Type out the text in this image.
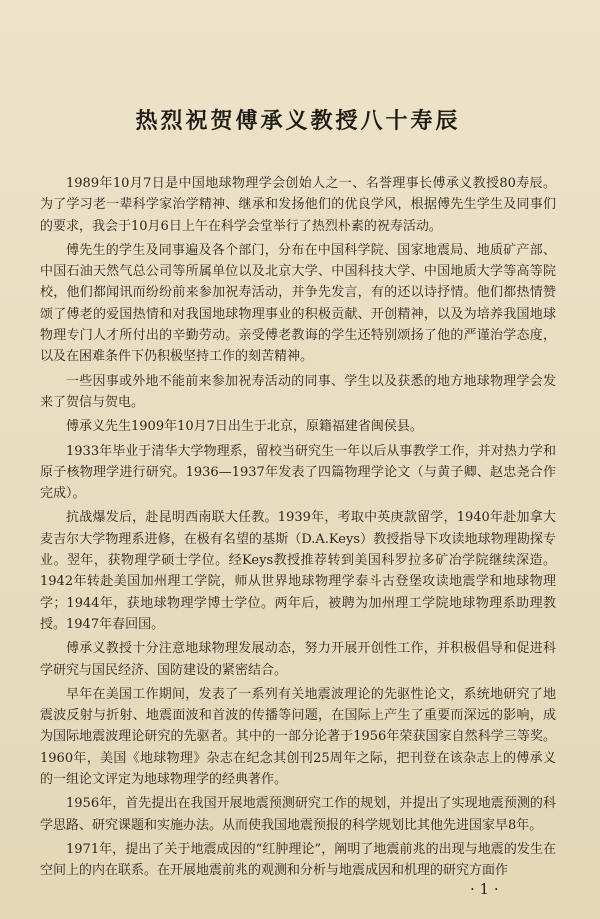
热烈祝贺傅承义教授八十寿辰

1989年10月7日是中国地球物理学会创始人之一、名誉理事长傅承义教授80寿辰。为了学习老一辈科学家治学精神、继承和发扬他们的优良学风，根据傅先生学生及同事们的要求，我会于10月6日上午在科学会堂举行了热烈朴素的祝寿活动。

傅先生的学生及同事遍及各个部门，分布在中国科学院、国家地震局、地质矿产部、中国石油天然气总公司等所属单位以及北京大学、中国科技大学、中国地质大学等高等院校，他们都闻讯而纷纷前来参加祝寿活动，并争先发言，有的还以诗抒情。他们都热情赞颂了傅老的爱国热情和对我国地球物理事业的积极贡献、开创精神，以及为培养我国地球物理专门人才所付出的辛勤劳动。亲受傅老教诲的学生还特别颂扬了他的严谨治学态度，以及在困难条件下仍积极坚持工作的刻苦精神。

一些因事或外地不能前来参加祝寿活动的同事、学生以及获悉的地方地球物理学会发来了贺信与贺电。

傅承义先生1909年10月7日出生于北京，原籍福建省闽侯县。

1933年毕业于清华大学物理系，留校当研究生一年以后从事教学工作，并对热力学和原子核物理学进行研究。1936—1937年发表了四篇物理学论文（与黄子卿、赵忠尧合作完成）。

抗战爆发后，赴昆明西南联大任教。1939年，考取中英庚款留学，1940年赴加拿大麦吉尔大学物理系进修，在极有名望的基斯（D.A.Keys）教授指导下攻读地球物理勘探专业。翌年，获物理学硕士学位。经Keys教授推荐转到美国科罗拉多矿冶学院继续深造。1942年转赴美国加州理工学院，师从世界地球物理学泰斗古登堡攻读地震学和地球物理学；1944年，获地球物理学博士学位。两年后，被聘为加州理工学院地球物理系助理教授。1947年春回国。

傅承义教授十分注意地球物理发展动态，努力开展开创性工作，并积极倡导和促进科学研究与国民经济、国防建设的紧密结合。

早年在美国工作期间，发表了一系列有关地震波理论的先驱性论文，系统地研究了地震波反射与折射、地震面波和首波的传播等问题，在国际上产生了重要而深远的影响，成为国际地震波理论研究的先驱者。其中的一部分论著于1956年荣获国家自然科学三等奖。1960年，美国《地球物理》杂志在纪念其创刊25周年之际，把刊登在该杂志上的傅承义的一组论文评定为地球物理学的经典著作。

1956年，首先提出在我国开展地震预测研究工作的规划，并提出了实现地震预测的科学思路、研究课题和实施办法。从而使我国地震预报的科学规划比其他先进国家早8年。

1971年，提出了关于地震成因的“红肿理论”，阐明了地震前兆的出现与地震的发生在空间上的内在联系。在开展地震前兆的观测和分析与地震成因和机理的研究方面作

· 1 ·
